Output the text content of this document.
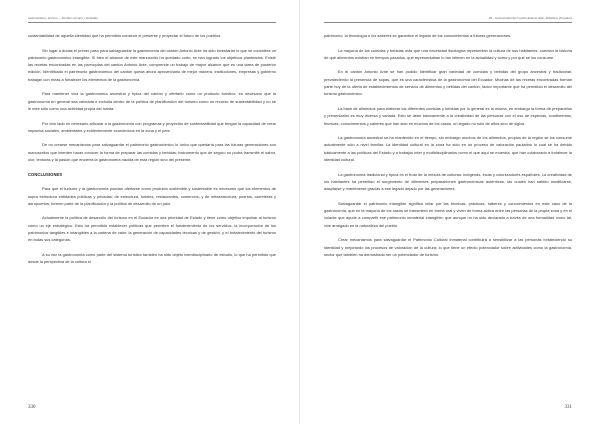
Gastronomía y turismo — Destino cercano y planeado

sustentabilidad de aquella identidad que ha permitido construir el presente y proyectar el futuro de los pueblos.

Sin lugar a dudas el primer paso para salvaguardar la gastronomía del cantón Antonio Ante ha sido inventariar lo que se considera un patrimonio gastronómico intangible. Si bien el alcance de este manuscrito ha quedado corto, se han logrado los objetivos planteados. Existir las recetas encontradas en las parroquias del cantón Antonio Ante, comprende un trabajo de mayor alcance que es una tarea de posterior edición. Identificado el patrimonio gastronómico del cantón queda ahora aprovecharlo de mejor manera, instituciones, empresas y gobierno trabajan con miras a fortalecer los elementos de la gastronomía.

Para mantener viva la gastronomía ancestral y típica del cantón y ofertarlo como un producto turístico, es necesario que la gastronomía en general sea valorada e incluida dentro de la política de planificación del turismo como un recurso de sustentabilidad y no se le mire sólo como una actividad propia del turista.

Por otro lado es necesario articular a la gastronomía con programas y proyectos de sustentabilidad que tengan la capacidad de crear impactos sociales, ambientales y evidentemente económicos en la zona y el país.

De no crearse mecanismos para salvaguardar el patrimonio gastronómico lo único que quedaría para las futuras generaciones son manuscritos que intenten hacer conocer la forma de preparar las comidas y bebidas; instrumento que de seguro no podrá transmitir el sabor, olor, texturas y la pasión que encierra la gastronomía nacida de esta región sino del presente.

CONCLUSIONES

Para que el turismo y la gastronomía puedan ofertarse como producto sostenible y sustentable es necesario que los elementos de supra estructura entidades públicas y privadas; de estructura, hoteles, restaurantes, comercios; y de infraestructura, puertos, carreteras y aeropuertos; formen parte de la planificación y la política de desarrollo de un país.

Actualmente la política de desarrollo del turismo en el Ecuador es una prioridad de Estado y tiene como objetivo impulsar al turismo como un eje estratégico. Esto ha permitido establecer políticas que permiten el fortalecimiento de los servicios, la incorporación de los patrimonios tangibles e intangibles a la cadena de valor, la generación de capacidades técnicas y de gestión, y el fortalecimiento del turismo en todas sus categorías.

A su vez la gastronomía como parte del sistema turístico también ha sido objeto interdisciplinario de estudio, lo que ha permitido que desde la perspectiva de la cultura el

330
III – Gastronomía del Cantón Antonio Ante, Imbabura (Ecuador)

patrimonio, la tecnología o los saberes se garantice el legado de los conocimientos a futuras generaciones.

La mayoría de las comidas y bebidas más que una necesidad fisiológica representan la cultura de sus habitantes, cuentan la historia de qué alimentos existían en tiempos pasados, qué representaban lo tan intimen en la actualidad y cómo y por qué se los consume.

En el cantón Antonio Ante se han podido identificar gran variedad de comidas y bebidas del grupo ancestral y tradicional, prevaleciendo la presencia de sopas, que es una característica de la gastronomía del Ecuador. Muchas de las recetas encontradas forman parte hoy de la oferta de establecimientos de servicio de alimentos y bebidas del cantón, factor importante que ha permitido el desarrollo del turismo gastronómico.

La base de alimentos para elaborar los diferentes comidas y bebidas por lo general es la misma, en embargo la forma de prepararlos y presentarlos es muy diversa y variada. Esto se debe básicamente a la creatividad de las personas con el uso de especias, condimentos, técnicas, conocimientos y saberes que han sido en muchos de los casos, un legado no sólo de años sino de siglos.

La gastronomía ancestral se ha mantenido en el tiempo, sin embargo muchos de los alimentos, propios de la región se los consume actualmente sólo a nivel familiar. La identidad cultural en la zona ha sido en un proceso de valoración paulatino lo cual se ha debido básicamente a las políticas del Estado y a trabajos inter y multidisciplinarios como el que aquí se muestra, que han colaborado a fortalecer la identidad cultural.

La gastronomía tradicional y típica es el fruto de la mezcla de culturas: indígenas, incas y colonizadores españoles. La creatividad de los habitantes ha permitido el surgimiento de diferentes preparaciones gastronómicas auténticas, las cuales han sabido modificarse, adaptarse y mantenerse gracias a ese legado dejado por las generaciones.

Salvaguardar el patrimonio intangible significa velar por las técnicas, prácticas, saberes y conocimientos en este caso de la gastronomía, que en la mayoría de los casos se transmiten en forma oral y viven de forma activa entre las personas de la propia zona y en el volante que ayude a compartir ese patrimonio inmaterial intangible; que aunque no ha sido declarado a través de una formalidad como tal, vive arraigado en la naturaleza del pueblo.

Crear mecanismos para salvaguardar el Patrimonio Cultural Inmaterial contribuirá a sensibilizar a las personas fortaleciendo su identidad y mejorando los procesos de valoración de la cultura; lo que tiene un efecto potenciador sobre actividades como la gastronomía, sector que también ha demostrado ser un potenciador de turismo.

331
